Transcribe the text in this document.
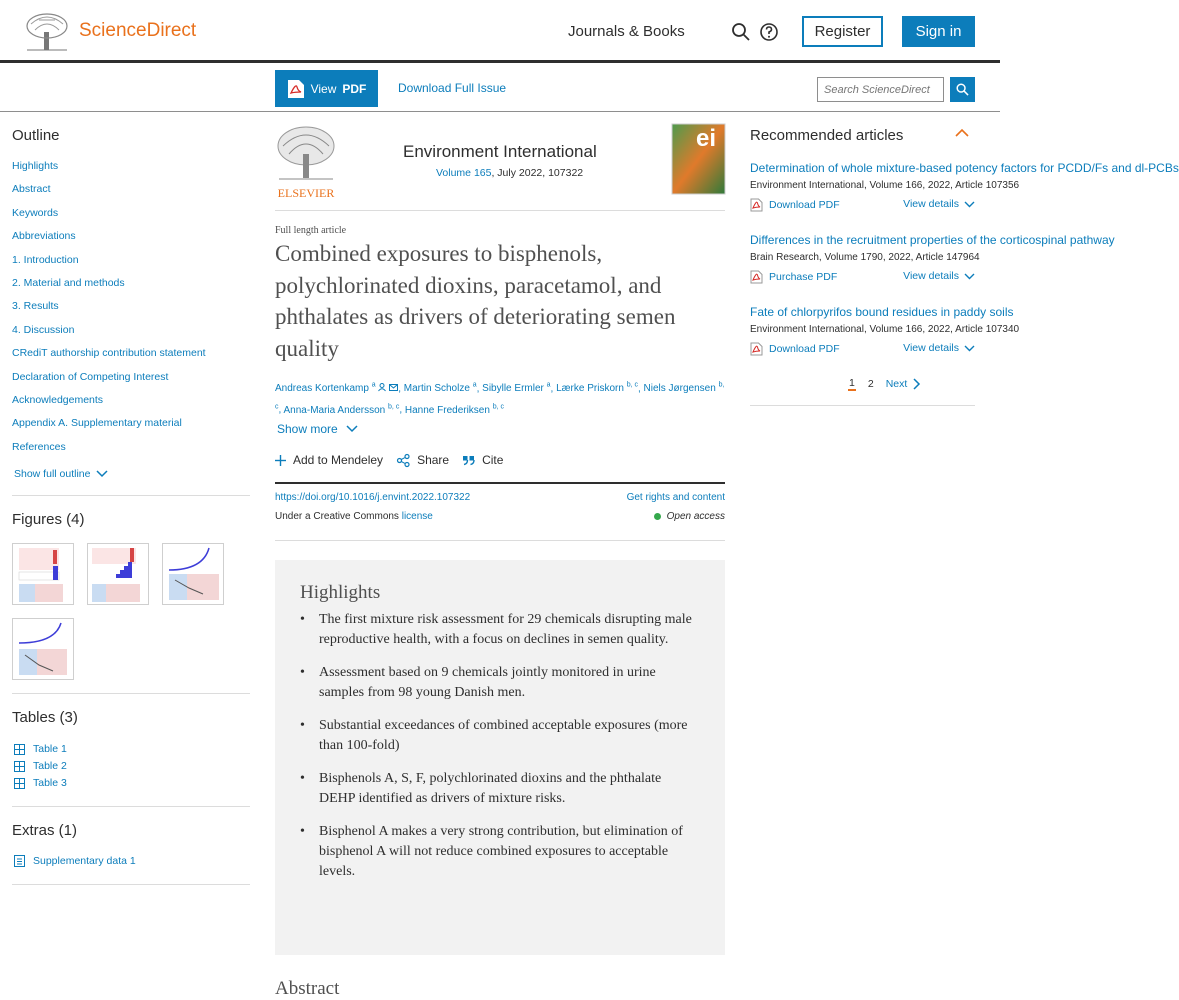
ScienceDirect	Journals & Books	Register	Sign in
View PDF	Download Full Issue
Search ScienceDirect
Outline
Highlights
Abstract
Keywords
Abbreviations
1. Introduction
2. Material and methods
3. Results
4. Discussion
CRediT authorship contribution statement
Declaration of Competing Interest
Acknowledgements
Appendix A. Supplementary material
References
Show full outline
Figures (4)
Tables (3)
Table 1
Table 2
Table 3
Extras (1)
Supplementary data 1
ELSEVIER
Environment International
Volume 165, July 2022, 107322
ei
Full length article
Combined exposures to bisphenols, polychlorinated dioxins, paracetamol, and phthalates as drivers of deteriorating semen quality
Andreas Kortenkamp $^a$ , Martin Scholze $^a$, Sibylle Ermler $^a$, Lærke Priskorn $^{b, c}$, Niels Jørgensen $^{b, c}$, Anna-Maria Andersson $^{b, c}$, Hanne Frederiksen $^{b, c}$
Show more
Add to Mendeley	Share	Cite
https://doi.org/10.1016/j.envint.2022.107322	Get rights and content
Under a Creative Commons license	Open access
Highlights
• The first mixture risk assessment for 29 chemicals disrupting male reproductive health, with a focus on declines in semen quality.
• Assessment based on 9 chemicals jointly monitored in urine samples from 98 young Danish men.
• Substantial exceedances of combined acceptable exposures (more than 100-fold)
• Bisphenols A, S, F, polychlorinated dioxins and the phthalate DEHP identified as drivers of mixture risks.
• Bisphenol A makes a very strong contribution, but elimination of bisphenol A will not reduce combined exposures to acceptable levels.
Abstract
Recommended articles
Determination of whole mixture-based potency factors for PCDD/Fs and dl-PCBs
Environment International, Volume 166, 2022, Article 107356
Download PDF	View details
Differences in the recruitment properties of the corticospinal pathway
Brain Research, Volume 1790, 2022, Article 147964
Purchase PDF	View details
Fate of chlorpyrifos bound residues in paddy soils
Environment International, Volume 166, 2022, Article 107340
Download PDF	View details
1 2 Next
